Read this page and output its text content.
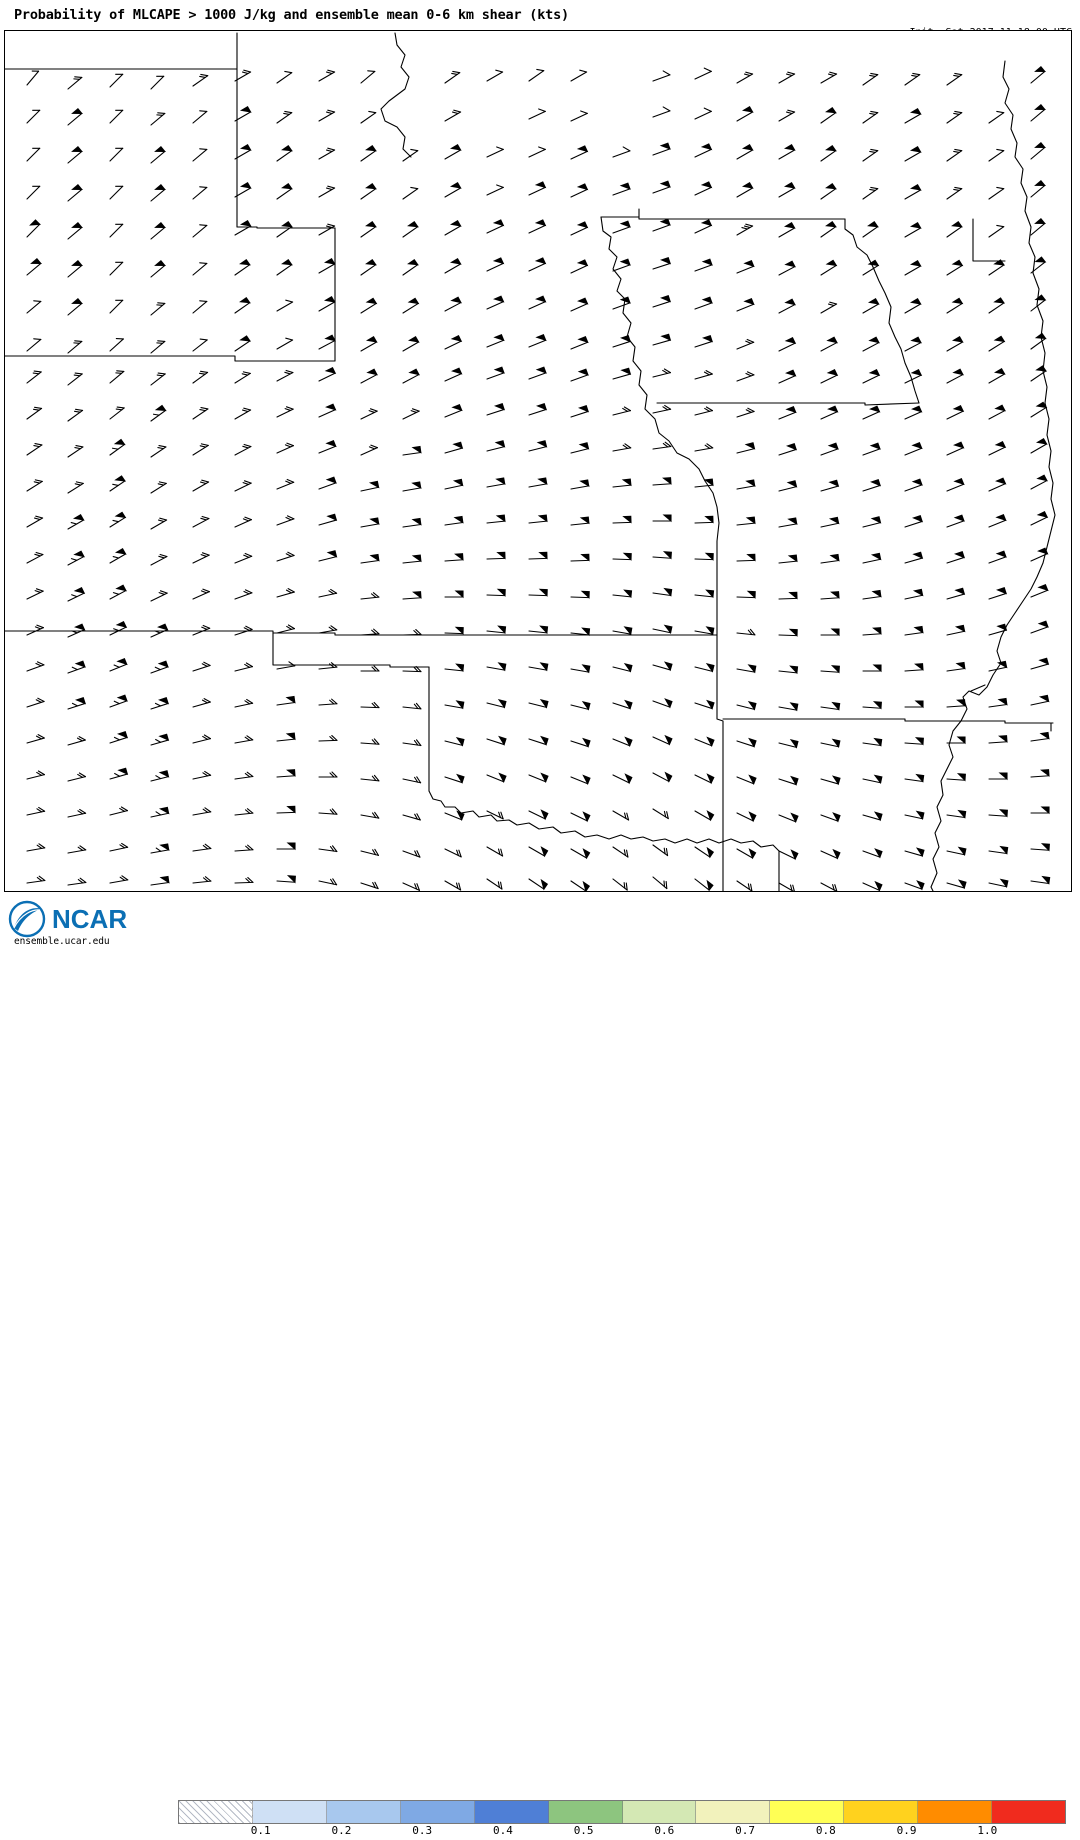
Probability of MLCAPE > 1000 J/kg and ensemble mean 0-6 km shear (kts)

NCAR
ensemble.ucar.edu
0.1	0.2	0.3	0.4	0.5	0.6	0.7	0.8	0.9	1.0
